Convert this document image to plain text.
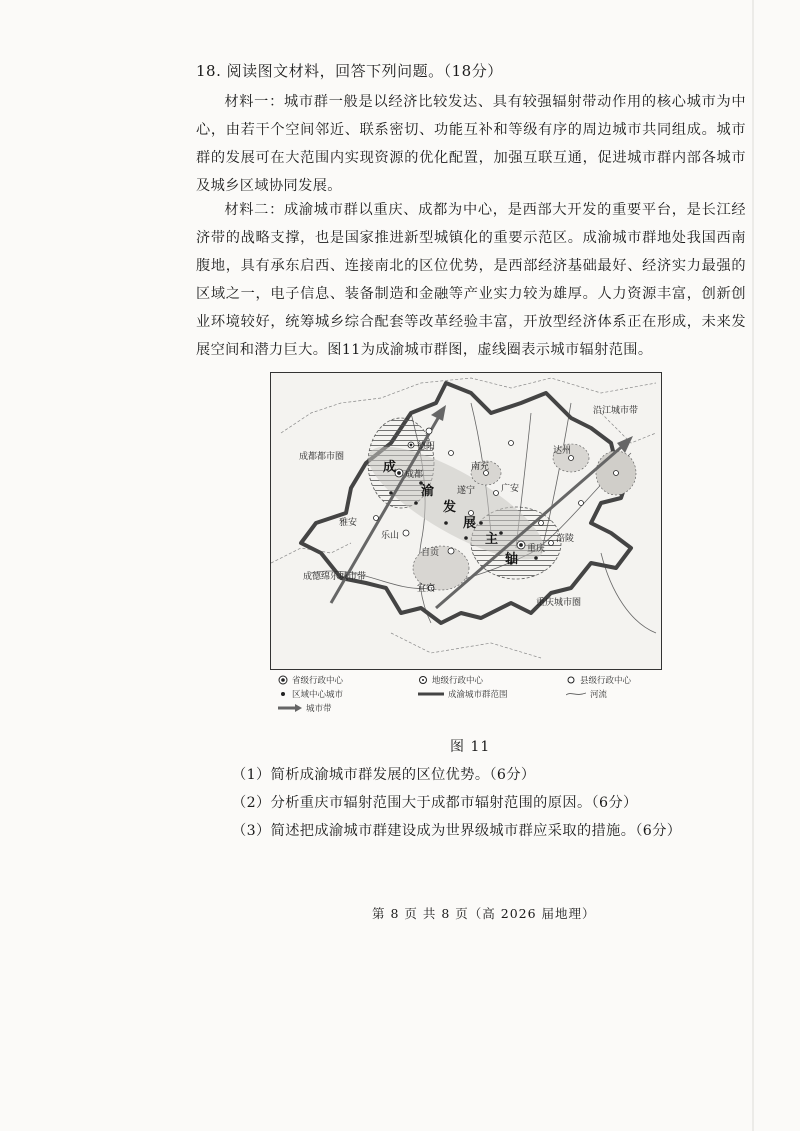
18. 阅读图文材料，回答下列问题。（18分）
材料一：城市群一般是以经济比较发达、具有较强辐射带动作用的核心城市为中心，由若干个空间邻近、联系密切、功能互补和等级有序的周边城市共同组成。城市群的发展可在大范围内实现资源的优化配置，加强互联互通，促进城市群内部各城市及城乡区域协同发展。
材料二：成渝城市群以重庆、成都为中心，是西部大开发的重要平台，是长江经济带的战略支撑，也是国家推进新型城镇化的重要示范区。成渝城市群地处我国西南腹地，具有承东启西、连接南北的区位优势，是西部经济基础最好、经济实力最强的区域之一，电子信息、装备制造和金融等产业实力较为雄厚。人力资源丰富，创新创业环境较好，统筹城乡综合配套等改革经验丰富，开放型经济体系正在形成，未来发展空间和潜力巨大。图11为成渝城市群图，虚线圈表示城市辐射范围。
成都都市圈
重庆城市圈
沿江城市带
成德绵乐城市带
德阳
成都
雅安
乐山
自贡
宜宾
南充
广安
达州
重庆
遂宁
涪陵
成
渝
发
展
主
轴
省级行政中心	地级行政中心	县级行政中心
区域中心城市	成渝城市群范围	河流
城市带
图 11
（1）简析成渝城市群发展的区位优势。（6分）
（2）分析重庆市辐射范围大于成都市辐射范围的原因。（6分）
（3）简述把成渝城市群建设成为世界级城市群应采取的措施。（6分）
第 8 页 共 8 页（高 2026 届地理）
